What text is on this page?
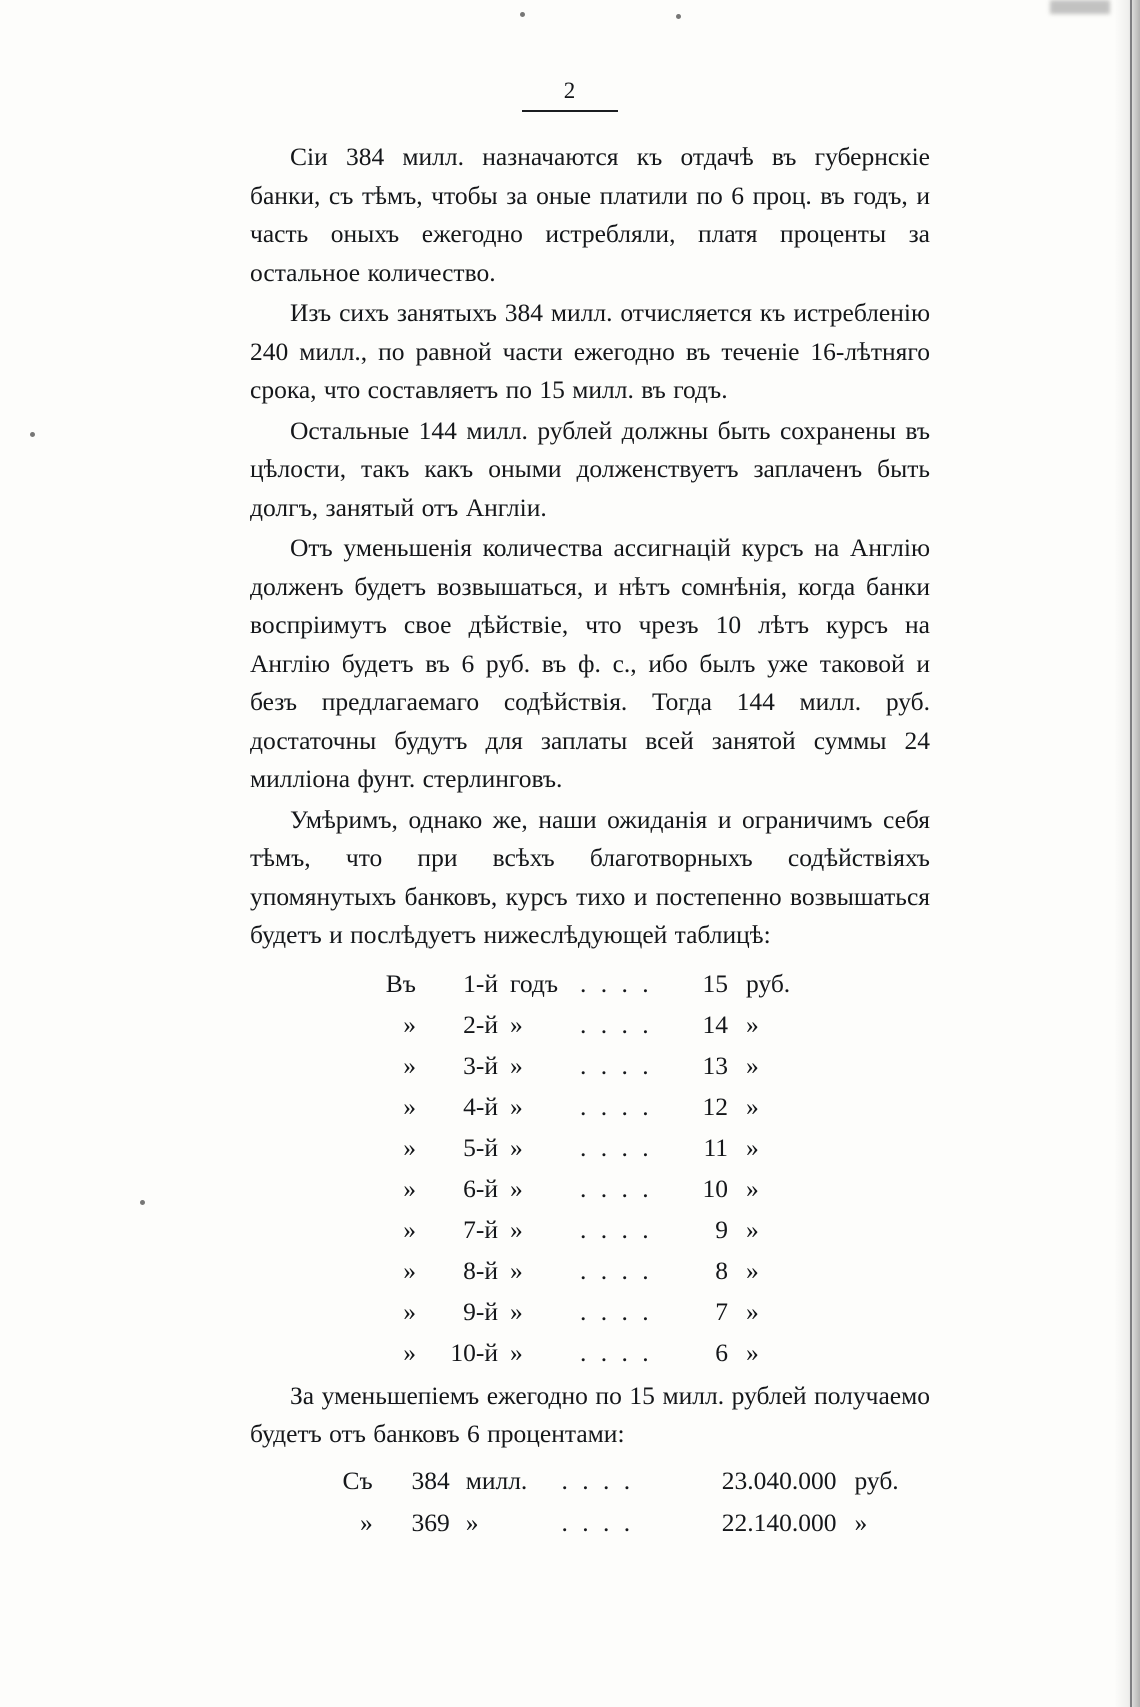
2

Сiи 384 милл. назначаются къ отдачѣ въ губернскiе банки, съ тѣмъ, чтобы за оные платили по 6 проц. въ годъ, и часть оныхъ ежегодно истребляли, платя проценты за остальное количество.

Изъ сихъ занятыхъ 384 милл. отчисляется къ истребленiю 240 милл., по равной части ежегодно въ теченiе 16-лѣтняго срока, что составляетъ по 15 милл. въ годъ.

Остальные 144 милл. рублей должны быть сохранены въ цѣлости, такъ какъ оными долженствуетъ заплаченъ быть долгъ, занятый отъ Англiи.

Отъ уменьшенiя количества ассигнацiй курсъ на Англiю долженъ будетъ возвышаться, и нѣтъ сомнѣнiя, когда банки воспрiимутъ свое дѣйствiе, что чрезъ 10 лѣтъ курсъ на Англiю будетъ въ 6 руб. въ ф. с., ибо былъ уже таковой и безъ предлагаемаго содѣйствiя. Тогда 144 милл. руб. достаточны будутъ для заплаты всей занятой суммы 24 миллiона фунт. стерлинговъ.

Умѣримъ, однако же, наши ожиданiя и ограничимъ себя тѣмъ, что при всѣхъ благотворныхъ содѣйствiяхъ упомянутыхъ банковъ, курсъ тихо и постепенно возвышаться будетъ и послѣдуетъ нижеслѣдующей таблицѣ:

Въ	1-й	годъ	. . . .	15	руб.
»	2-й	»	. . . .	14	»
»	3-й	»	. . . .	13	»
»	4-й	»	. . . .	12	»
»	5-й	»	. . . .	11	»
»	6-й	»	. . . .	10	»
»	7-й	»	. . . .	9	»
»	8-й	»	. . . .	8	»
»	9-й	»	. . . .	7	»
»	10-й	»	. . . .	6	»

За уменьшепiемъ ежегодно по 15 милл. рублей получаемо будетъ отъ банковъ 6 процентами:

Съ	384	милл.	. . . .	23.040.000	руб.
»	369	»	. . . .	22.140.000	»
